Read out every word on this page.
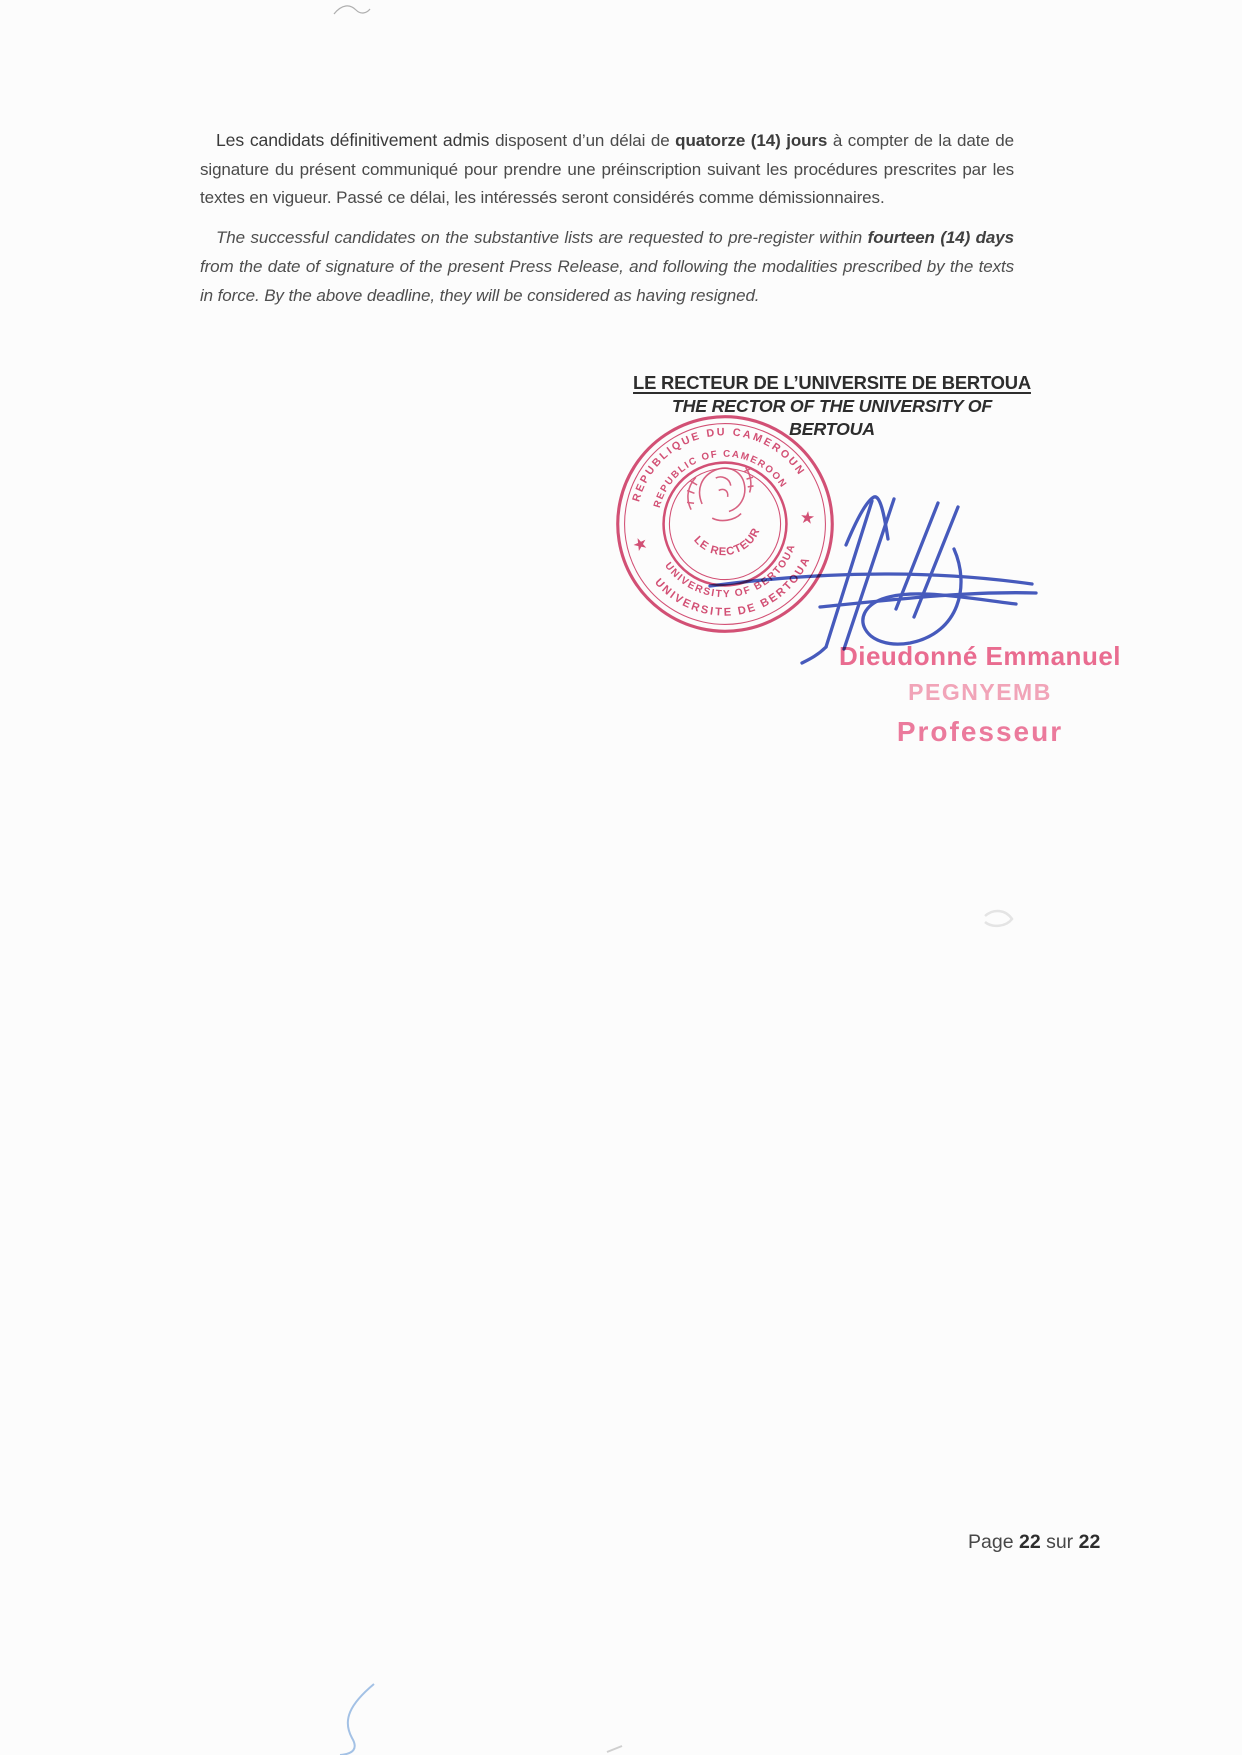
Les candidats définitivement admis disposent d’un délai de quatorze (14) jours à compter de la date de signature du présent communiqué pour prendre une préinscription suivant les procédures prescrites par les textes en vigueur. Passé ce délai, les intéressés seront considérés comme démissionnaires.

The successful candidates on the substantive lists are requested to pre-register within fourteen (14) days from the date of signature of the present Press Release, and following the modalities prescribed by the texts in force. By the above deadline, they will be considered as having resigned.

LE RECTEUR DE L’UNIVERSITE DE BERTOUA
THE RECTOR OF THE UNIVERSITY OF BERTOUA
REPUBLIQUE DU CAMEROUN
REPUBLIC OF CAMEROON
UNIVERSITE DE BERTOUA
UNIVERSITY OF BERTOUA
LE RECTEUR
★
★
Dieudonné Emmanuel
PEGNYEMB
Professeur
Page 22 sur 22
